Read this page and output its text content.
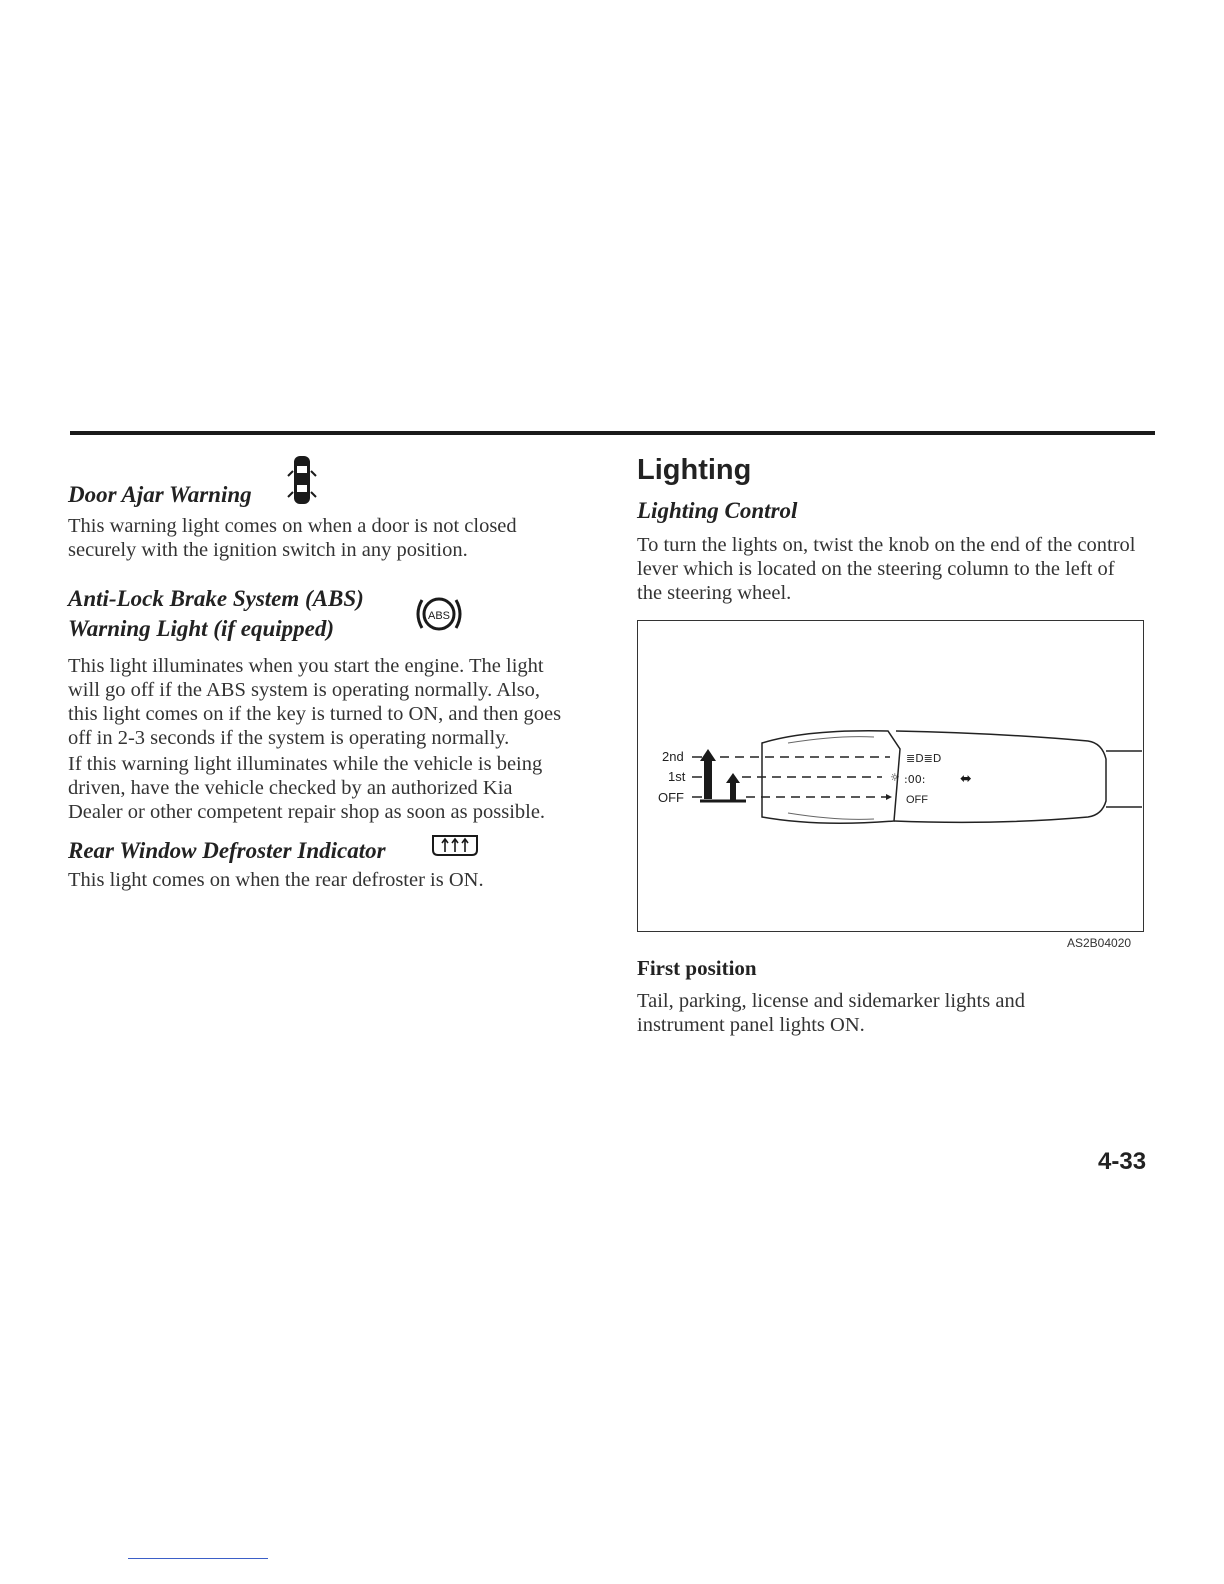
Door Ajar Warning

This warning light comes on when a door is not closed securely with the ignition switch in any position.

Anti-Lock Brake System (ABS)
Warning Light (if equipped)	ABS

This light illuminates when you start the engine. The light will go off if the ABS system is operating normally. Also, this light comes on if the key is turned to ON, and then goes off in 2-3 seconds if the system is operating normally.

If this warning light illuminates while the vehicle is being driven, have the vehicle checked by an authorized Kia Dealer or other competent repair shop as soon as possible.

Rear Window Defroster Indicator

This light comes on when the rear defroster is ON.

Lighting
Lighting Control

To turn the lights on, twist the knob on the end of the control lever which is located on the steering column to the left of the steering wheel.

2nd
1st
OFF
≣D≣D
:00:
OFF
☼	⬌
AS2B04020

First position

Tail, parking, license and sidemarker lights and instrument panel lights ON.

4-33
